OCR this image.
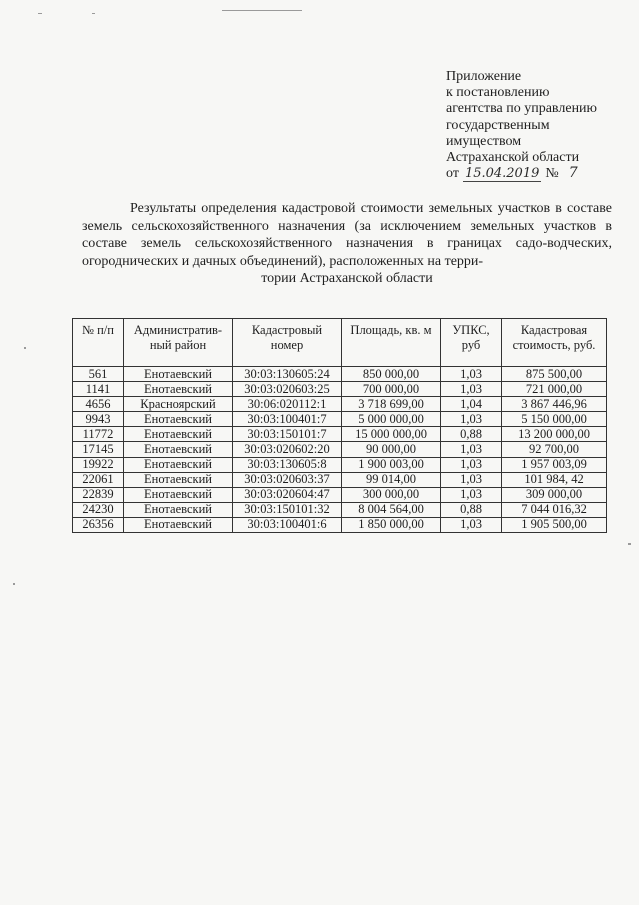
Приложение
к постановлению
агентства по управлению
государственным
имуществом
Астраханской области
от 15.04.2019 № 7

Результаты определения кадастровой стоимости земельных участков в составе земель сельскохозяйственного назначения (за исключением земельных участков в составе земель сельскохозяйственного назначения в границах садо-водческих, огороднических и дачных объединений), расположенных на терри-

тории Астраханской области

№ п/п	Административ-ный район	Кадастровый номер	Площадь, кв. м	УПКС, руб	Кадастровая стоимость, руб.
561	Енотаевский	30:03:130605:24	850 000,00	1,03	875 500,00
1141	Енотаевский	30:03:020603:25	700 000,00	1,03	721 000,00
4656	Красноярский	30:06:020112:1	3 718 699,00	1,04	3 867 446,96
9943	Енотаевский	30:03:100401:7	5 000 000,00	1,03	5 150 000,00
11772	Енотаевский	30:03:150101:7	15 000 000,00	0,88	13 200 000,00
17145	Енотаевский	30:03:020602:20	90 000,00	1,03	92 700,00
19922	Енотаевский	30:03:130605:8	1 900 003,00	1,03	1 957 003,09
22061	Енотаевский	30:03:020603:37	99 014,00	1,03	101 984, 42
22839	Енотаевский	30:03:020604:47	300 000,00	1,03	309 000,00
24230	Енотаевский	30:03:150101:32	8 004 564,00	0,88	7 044 016,32
26356	Енотаевский	30:03:100401:6	1 850 000,00	1,03	1 905 500,00
